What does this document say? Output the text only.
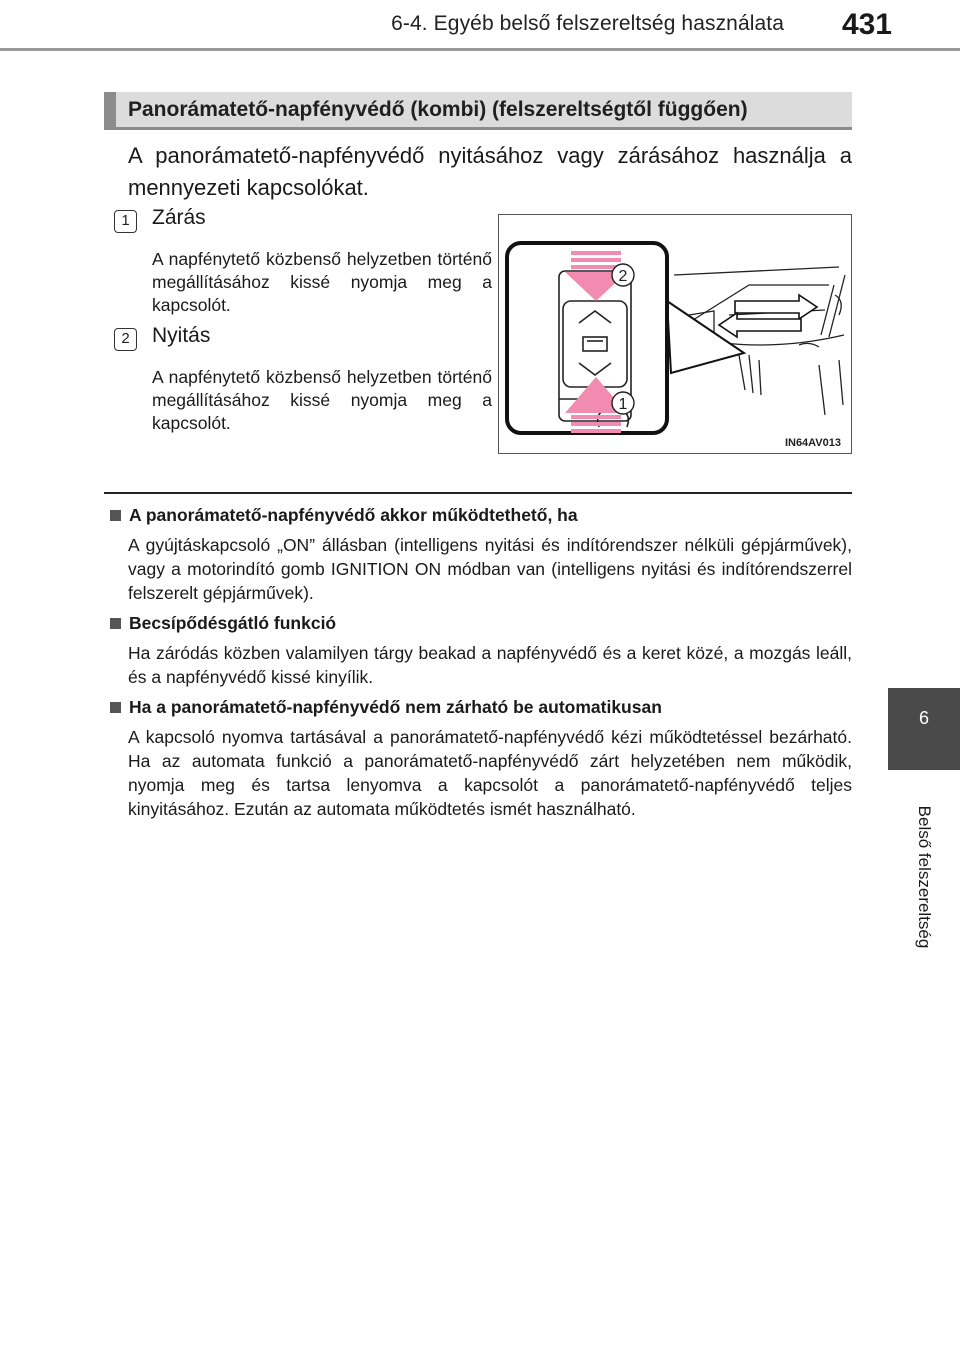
6-4. Egyéb belső felszereltség használata	431
Panorámatető-napfényvédő (kombi) (felszereltségtől függően)
A panorámatető-napfényvédő nyitásához vagy zárásához használja a mennyezeti kapcsolókat.
1	Zárás
A napfénytető közbenső helyzetben történő megállításához kissé nyomja meg a kapcsolót.
2	Nyitás
A napfénytető közbenső helyzetben történő megállításához kissé nyomja meg a kapcsolót.
2
1
IN64AV013
A panorámatető-napfényvédő akkor működtethető, ha
A gyújtáskapcsoló „ON” állásban (intelligens nyitási és indítórendszer nélküli gépjárművek), vagy a motorindító gomb IGNITION ON módban van (intelligens nyitási és indítórendszerrel felszerelt gépjárművek).
Becsípődésgátló funkció
Ha záródás közben valamilyen tárgy beakad a napfényvédő és a keret közé, a mozgás leáll, és a napfényvédő kissé kinyílik.
Ha a panorámatető-napfényvédő nem zárható be automatikusan
A kapcsoló nyomva tartásával a panorámatető-napfényvédő kézi működtetéssel bezárható. Ha az automata funkció a panorámatető-napfényvédő zárt helyzetében nem működik, nyomja meg és tartsa lenyomva a kapcsolót a panorámatető-napfényvédő teljes kinyitásához. Ezután az automata működtetés ismét használható.
6
Belső felszereltség
